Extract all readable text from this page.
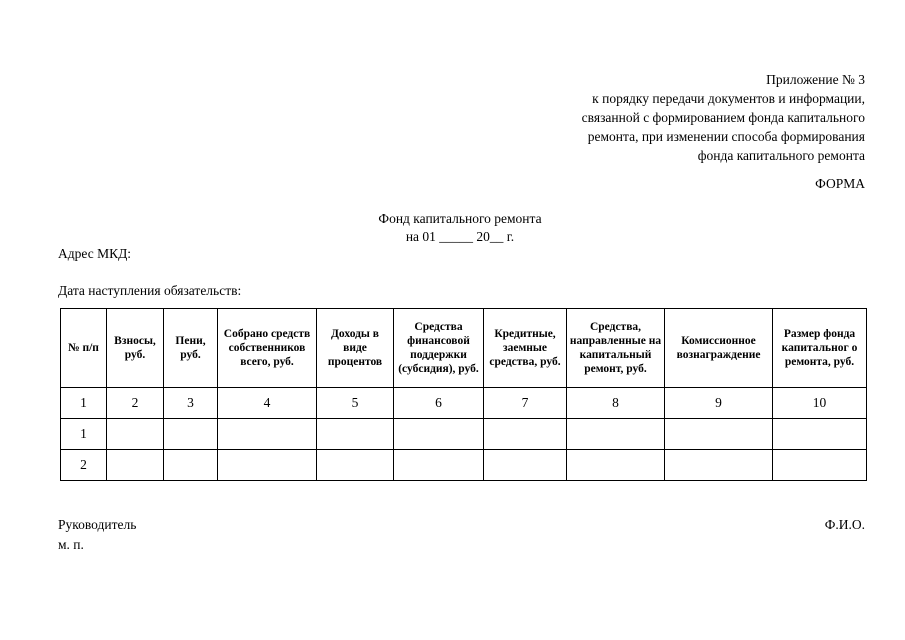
Приложение № 3
к порядку передачи документов и информации,
связанной с формированием фонда капитального
ремонта, при изменении способа формирования
фонда капитального ремонта
ФОРМА
Фонд капитального ремонта
на 01 _____ 20__ г.
Адрес МКД:
Дата наступления обязательств:
№ п/п	Взносы, руб.	Пени, руб.	Собрано средств собственников всего, руб.	Доходы в виде процентов	Средства финансовой поддержки (субсидия), руб.	Кредитные, заемные средства, руб.	Средства, направленные на капитальный ремонт, руб.	Комиссионное вознаграждение	Размер фонда капитальног о ремонта, руб.
1	2	3	4	5	6	7	8	9	10
1									
2									
Руководитель
м. п.
Ф.И.О.
